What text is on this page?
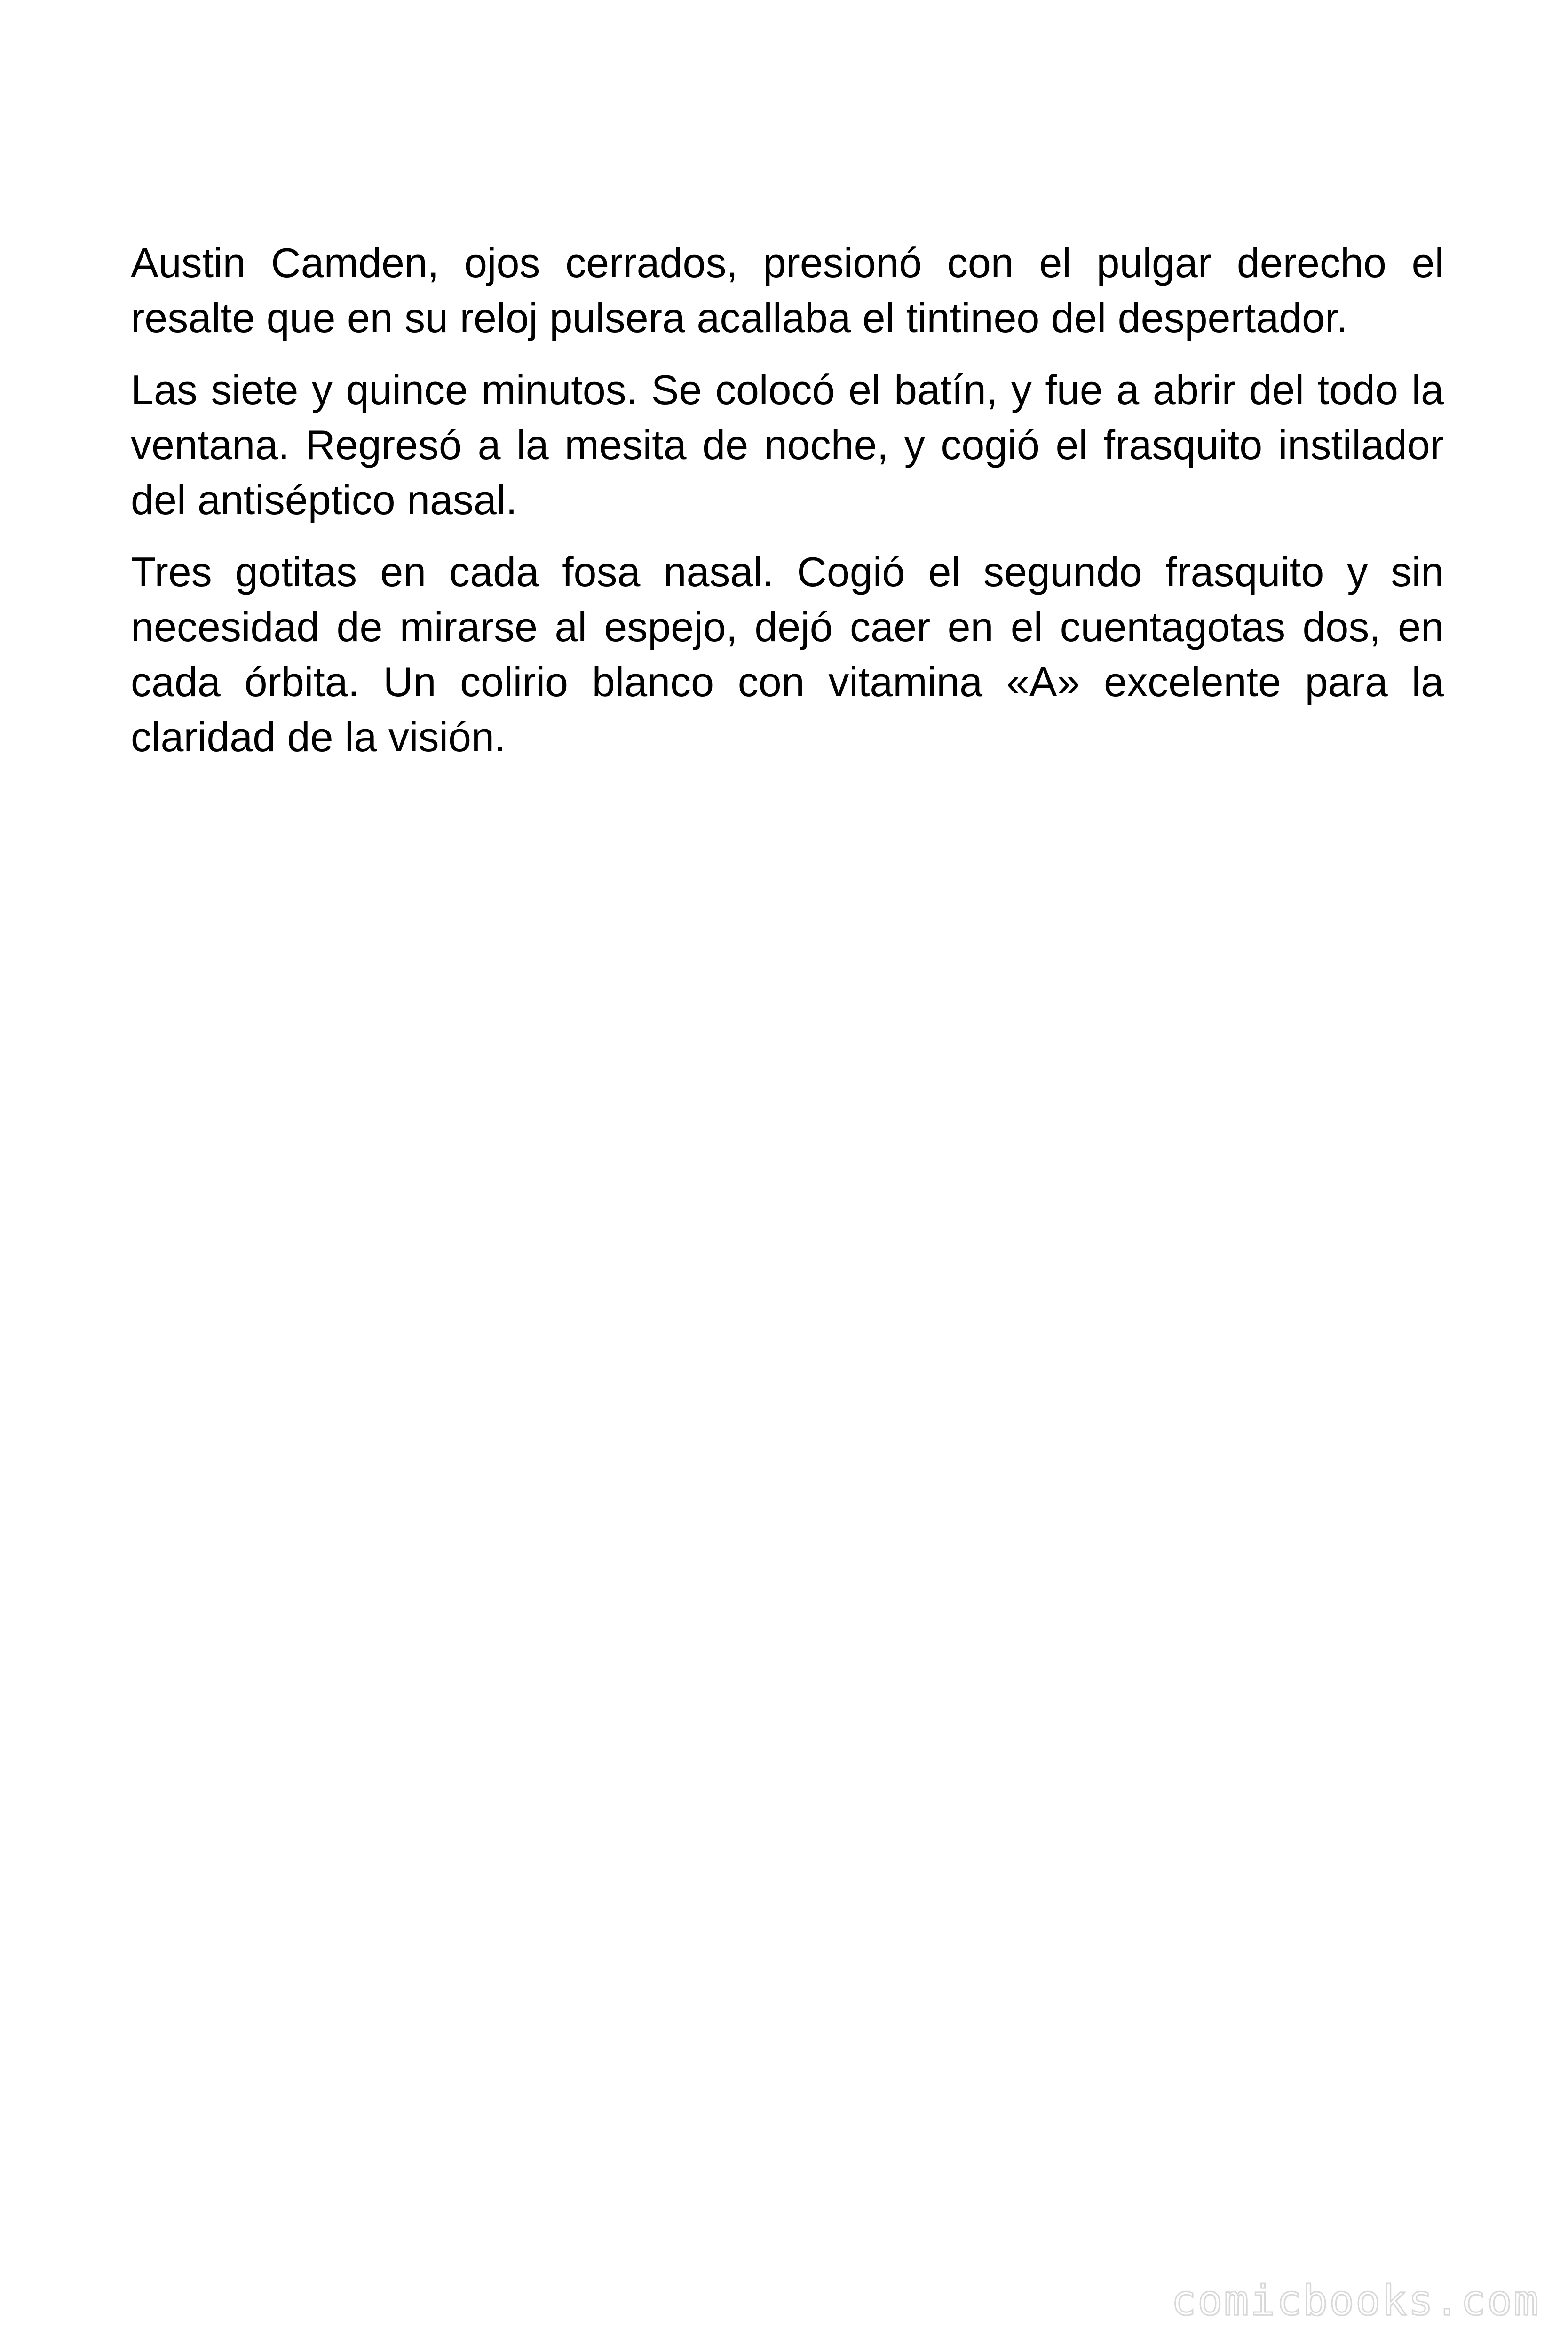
Austin Camden, ojos cerrados, presionó con el pulgar derecho el resalte que en su reloj pulsera acallaba el tintineo del despertador.

Las siete y quince minutos. Se colocó el batín, y fue a abrir del todo la ventana. Regresó a la mesita de noche, y cogió el frasquito instilador del antiséptico nasal.

Tres gotitas en cada fosa nasal. Cogió el segundo frasquito y sin necesidad de mirarse al espejo, dejó caer en el cuentagotas dos, en cada órbita. Un colirio blanco con vitamina «A» excelente para la claridad de la visión.

comicbooks.com
